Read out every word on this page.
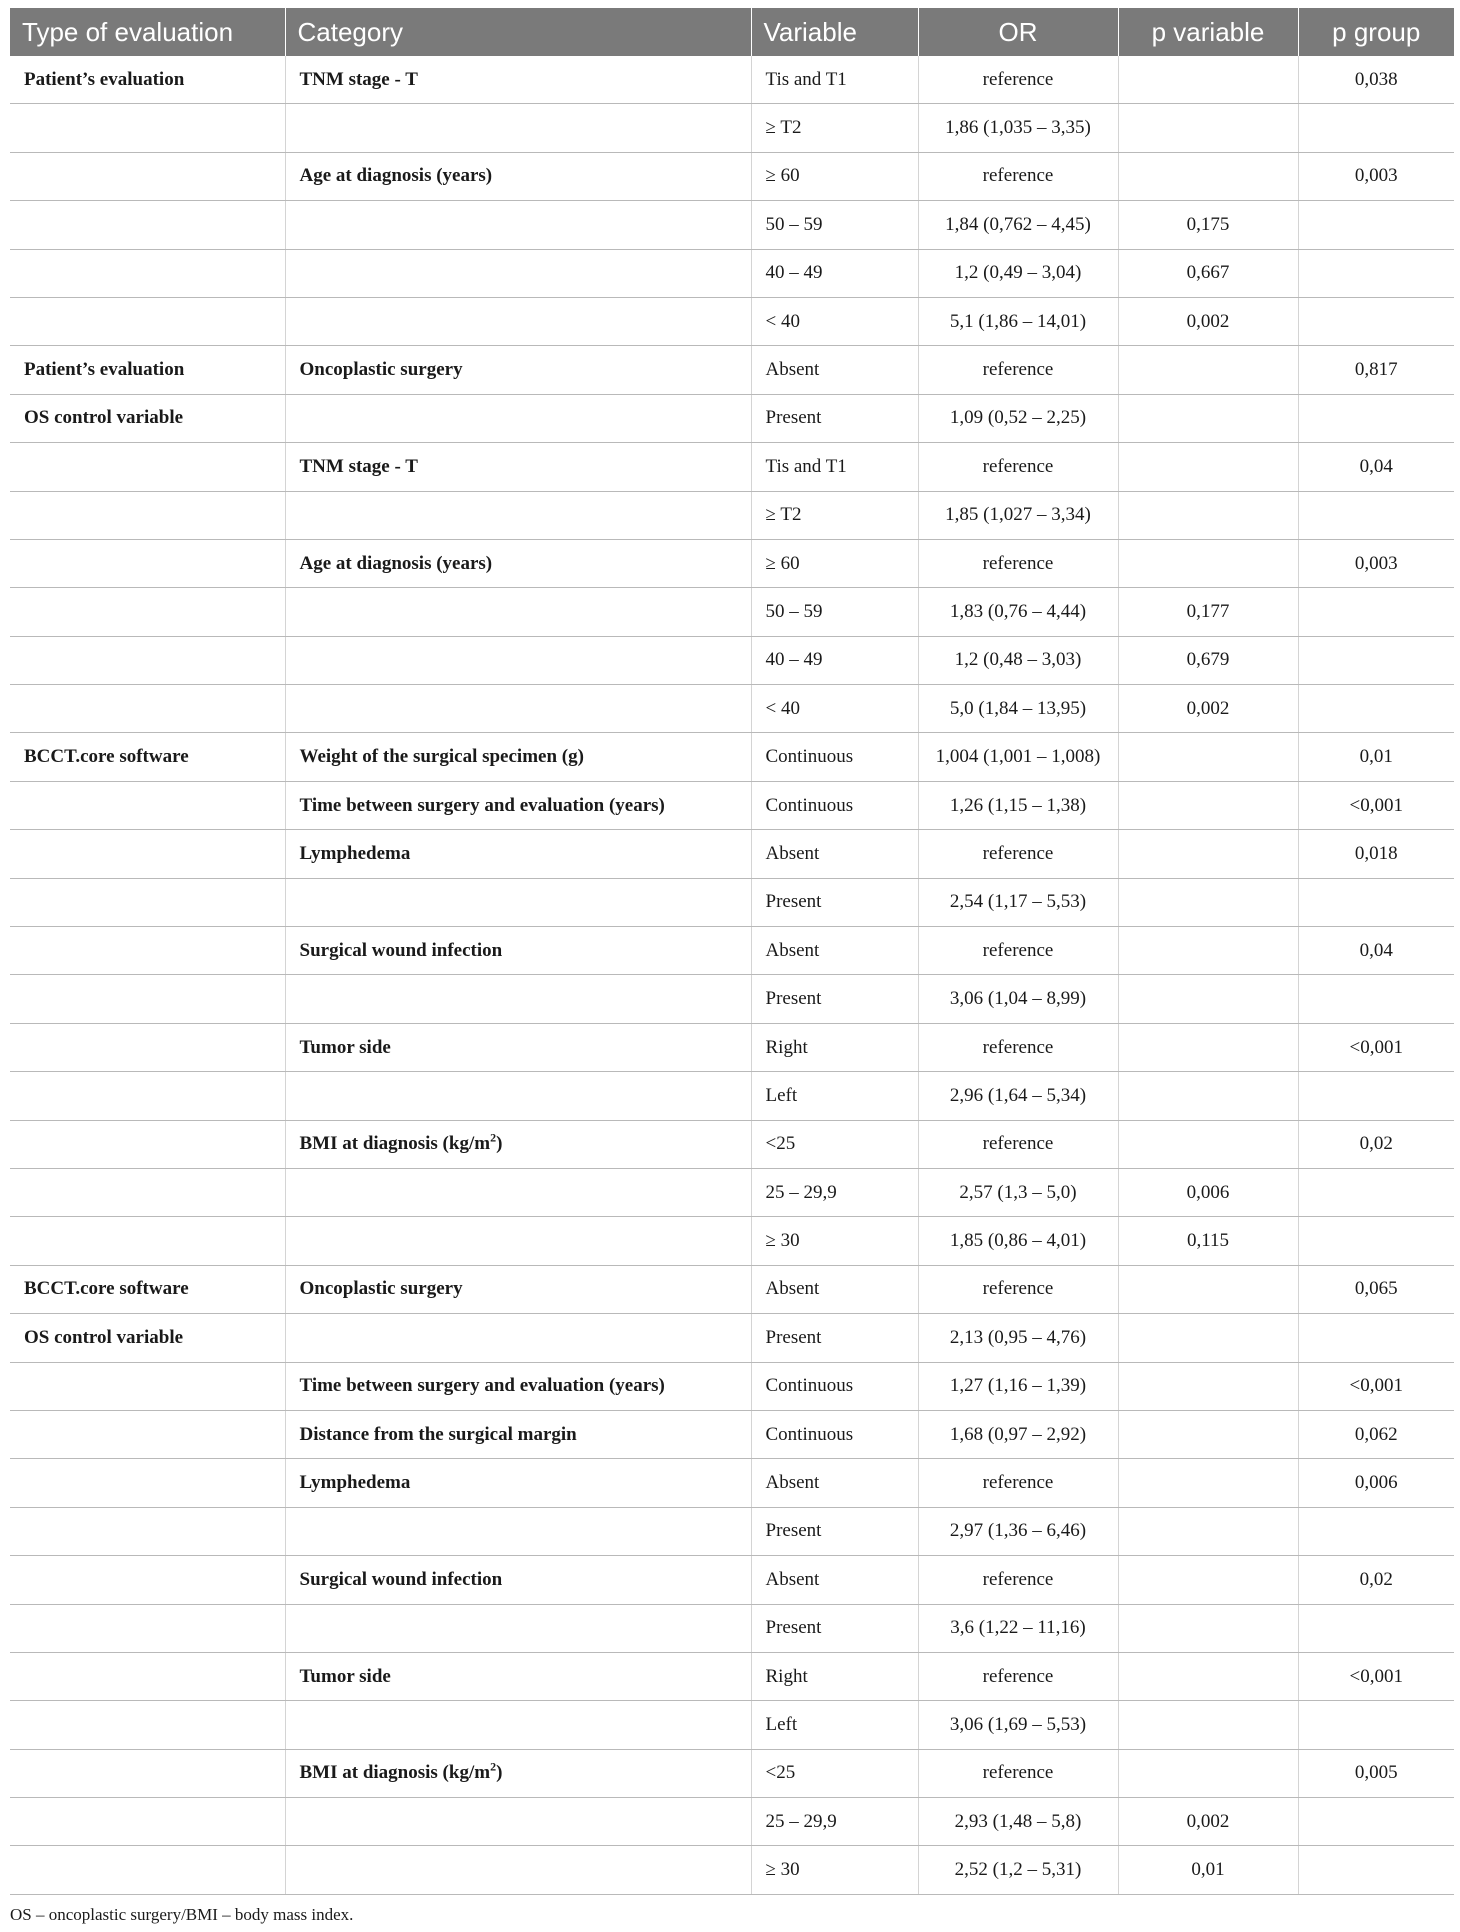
Type of evaluation	Category	Variable	OR	p variable	p group
Patient’s evaluation	TNM stage - T	Tis and T1	reference		0,038
		≥ T2	1,86 (1,035 – 3,35)		
	Age at diagnosis (years)	≥ 60	reference		0,003
		50 – 59	1,84 (0,762 – 4,45)	0,175	
		40 – 49	1,2 (0,49 – 3,04)	0,667	
		< 40	5,1 (1,86 – 14,01)	0,002	
Patient’s evaluation	Oncoplastic surgery	Absent	reference		0,817
OS control variable		Present	1,09 (0,52 – 2,25)		
	TNM stage - T	Tis and T1	reference		0,04
		≥ T2	1,85 (1,027 – 3,34)		
	Age at diagnosis (years)	≥ 60	reference		0,003
		50 – 59	1,83 (0,76 – 4,44)	0,177	
		40 – 49	1,2 (0,48 – 3,03)	0,679	
		< 40	5,0 (1,84 – 13,95)	0,002	
BCCT.core software	Weight of the surgical specimen (g)	Continuous	1,004 (1,001 – 1,008)		0,01
	Time between surgery and evaluation (years)	Continuous	1,26 (1,15 – 1,38)		<0,001
	Lymphedema	Absent	reference		0,018
		Present	2,54 (1,17 – 5,53)		
	Surgical wound infection	Absent	reference		0,04
		Present	3,06 (1,04 – 8,99)		
	Tumor side	Right	reference		<0,001
		Left	2,96 (1,64 – 5,34)		
	BMI at diagnosis $(kg/m^2)$	<25	reference		0,02
		25 – 29,9	2,57 (1,3 – 5,0)	0,006	
		≥ 30	1,85 (0,86 – 4,01)	0,115	
BCCT.core software	Oncoplastic surgery	Absent	reference		0,065
OS control variable		Present	2,13 (0,95 – 4,76)		
	Time between surgery and evaluation (years)	Continuous	1,27 (1,16 – 1,39)		<0,001
	Distance from the surgical margin	Continuous	1,68 (0,97 – 2,92)		0,062
	Lymphedema	Absent	reference		0,006
		Present	2,97 (1,36 – 6,46)		
	Surgical wound infection	Absent	reference		0,02
		Present	3,6 (1,22 – 11,16)		
	Tumor side	Right	reference		<0,001
		Left	3,06 (1,69 – 5,53)		
	BMI at diagnosis $(kg/m^2)$	<25	reference		0,005
		25 – 29,9	2,93 (1,48 – 5,8)	0,002	
		≥ 30	2,52 (1,2 – 5,31)	0,01	
OS – oncoplastic surgery/BMI – body mass index.
